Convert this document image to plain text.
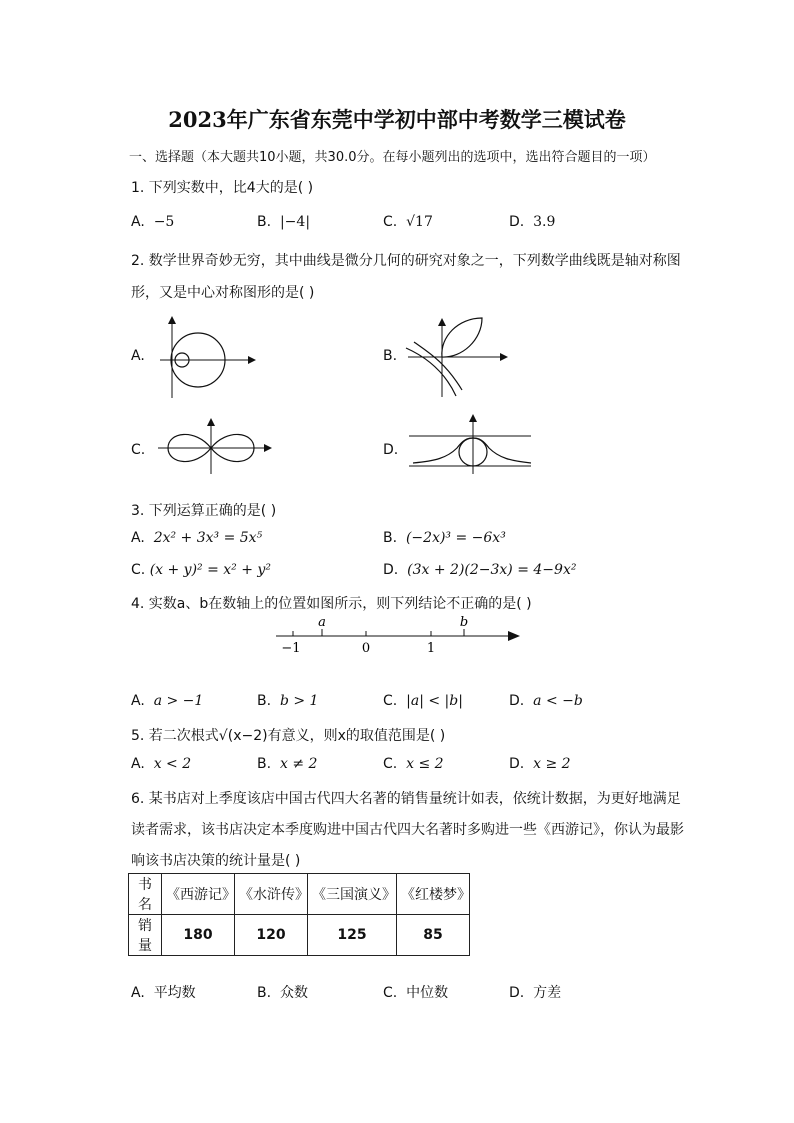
2023年广东省东莞中学初中部中考数学三模试卷
一、选择题（本大题共10小题，共30.0分。在每小题列出的选项中，选出符合题目的一项）
1. 下列实数中，比4大的是( )
A. −5	B. |−4|	C. √17	D. 3.9
2. 数学世界奇妙无穷，其中曲线是微分几何的研究对象之一，下列数学曲线既是轴对称图
形，又是中心对称图形的是( )
A.	B.
C.	D.
3. 下列运算正确的是( )
A. 2x² + 3x³ = 5x⁵	B. (−2x)³ = −6x³
C. (x + y)² = x² + y²	D. (3x + 2)(2−3x) = 4−9x²
4. 实数a、b在数轴上的位置如图所示，则下列结论不正确的是( )
a	b
−1	0	1
A. a > −1	B. b > 1	C. |a| < |b|	D. a < −b
5. 若二次根式√(x−2)有意义，则x的取值范围是( )
A. x < 2	B. x ≠ 2	C. x ≤ 2	D. x ≥ 2
6. 某书店对上季度该店中国古代四大名著的销售量统计如表，依统计数据，为更好地满足
读者需求，该书店决定本季度购进中国古代四大名著时多购进一些《西游记》，你认为最影
响该书店决策的统计量是( )
书名	《西游记》	《水浒传》	《三国演义》	《红楼梦》
销量	180	120	125	85
A. 平均数	B. 众数	C. 中位数	D. 方差
